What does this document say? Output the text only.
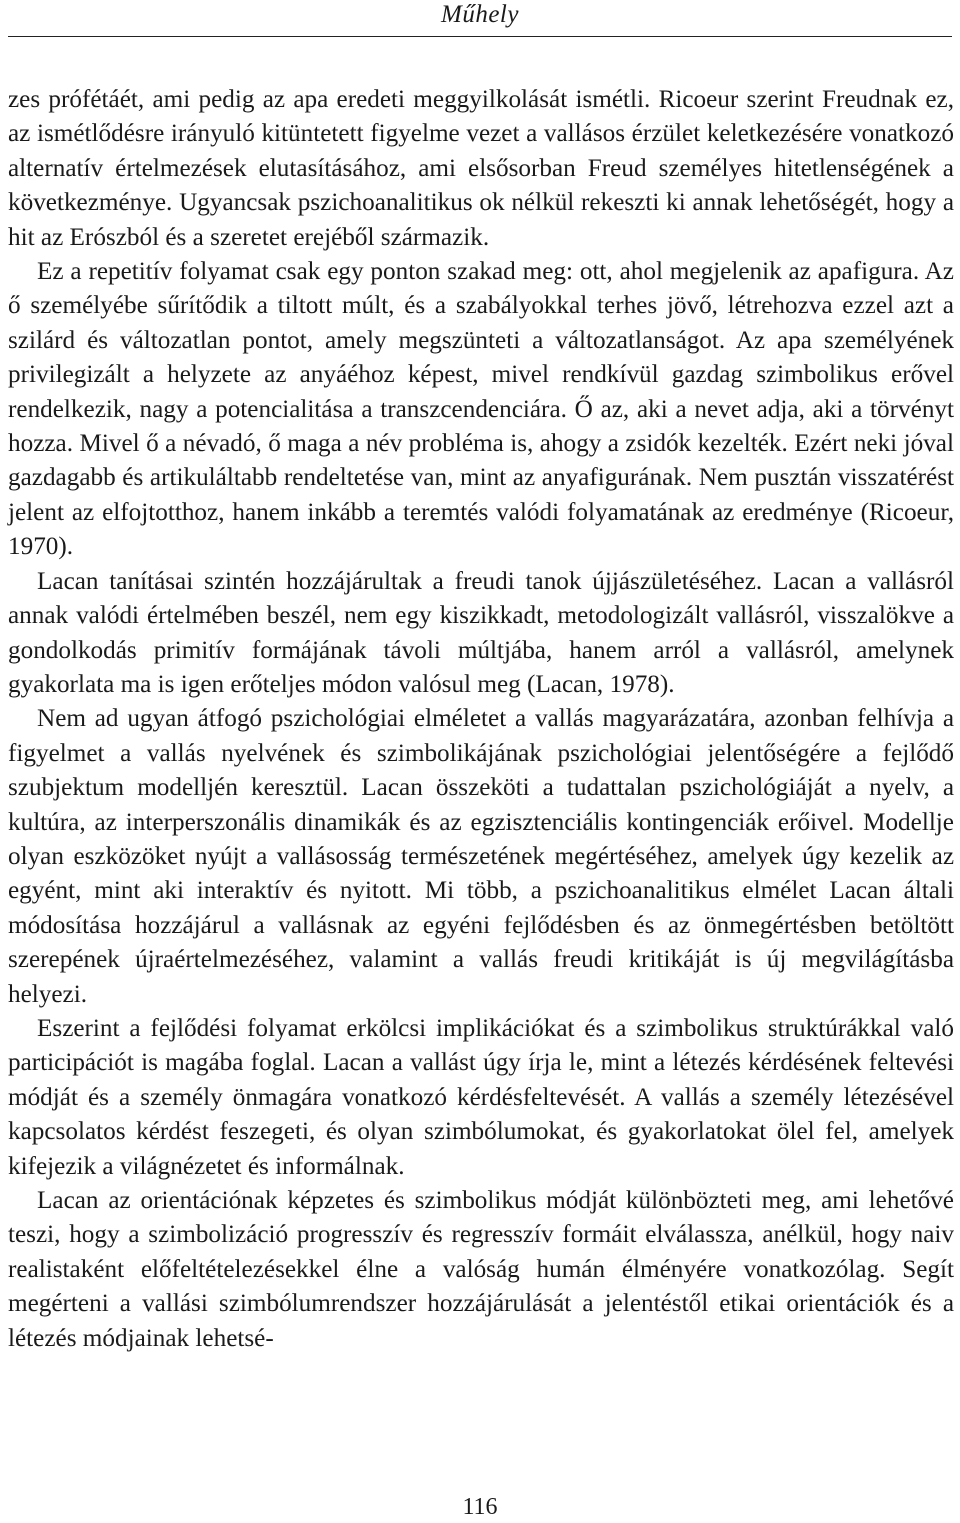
Műhely

zes prófétáét, ami pedig az apa eredeti meggyilkolását ismétli. Ricoeur szerint Freudnak ez, az ismétlődésre irányuló kitüntetett figyelme vezet a vallásos érzület keletkezésére vonatkozó alternatív értelmezések elutasításához, ami elsősorban Freud személyes hitetlenségének a következménye. Ugyancsak pszichoanalitikus ok nélkül rekeszti ki annak lehetőségét, hogy a hit az Erószból és a szeretet erejéből származik.

Ez a repetitív folyamat csak egy ponton szakad meg: ott, ahol megjelenik az apafigura. Az ő személyébe sűrítődik a tiltott múlt, és a szabályokkal terhes jövő, létrehozva ezzel azt a szilárd és változatlan pontot, amely megszünteti a változatlanságot. Az apa személyének privilegizált a helyzete az anyáéhoz képest, mivel rendkívül gazdag szimbolikus erővel rendelkezik, nagy a potencialitása a transzcendenciára. Ő az, aki a nevet adja, aki a törvényt hozza. Mivel ő a névadó, ő maga a név probléma is, ahogy a zsidók kezelték. Ezért neki jóval gazdagabb és artikuláltabb rendeltetése van, mint az anyafigurának. Nem pusztán visszatérést jelent az elfojtotthoz, hanem inkább a teremtés valódi folyamatának az eredménye (Ricoeur, 1970).

Lacan tanításai szintén hozzájárultak a freudi tanok újjászületéséhez. Lacan a vallásról annak valódi értelmében beszél, nem egy kiszikkadt, metodologizált vallásról, visszalökve a gondolkodás primitív formájának távoli múltjába, hanem arról a vallásról, amelynek gyakorlata ma is igen erőteljes módon valósul meg (Lacan, 1978).

Nem ad ugyan átfogó pszichológiai elméletet a vallás magyarázatára, azonban felhívja a figyelmet a vallás nyelvének és szimbolikájának pszichológiai jelentőségére a fejlődő szubjektum modelljén keresztül. Lacan összeköti a tudattalan pszichológiáját a nyelv, a kultúra, az interperszonális dinamikák és az egzisztenciális kontingenciák erőivel. Modellje olyan eszközöket nyújt a vallásosság természetének megértéséhez, amelyek úgy kezelik az egyént, mint aki interaktív és nyitott. Mi több, a pszichoanalitikus elmélet Lacan általi módosítása hozzájárul a vallásnak az egyéni fejlődésben és az önmegértésben betöltött szerepének újraértelmezéséhez, valamint a vallás freudi kritikáját is új megvilágításba helyezi.

Eszerint a fejlődési folyamat erkölcsi implikációkat és a szimbolikus struktúrákkal való participációt is magába foglal. Lacan a vallást úgy írja le, mint a létezés kérdésének feltevési módját és a személy önmagára vonatkozó kérdésfeltevését. A vallás a személy létezésével kapcsolatos kérdést feszegeti, és olyan szimbólumokat, és gyakorlatokat ölel fel, amelyek kifejezik a világnézetet és informálnak.

Lacan az orientációnak képzetes és szimbolikus módját különbözteti meg, ami lehetővé teszi, hogy a szimbolizáció progresszív és regresszív formáit elválassza, anélkül, hogy naiv realistaként előfeltételezésekkel élne a valóság humán élményére vonatkozólag. Segít megérteni a vallási szimbólumrendszer hozzájárulását a jelentéstől etikai orientációk és a létezés módjainak lehetsé-

116
